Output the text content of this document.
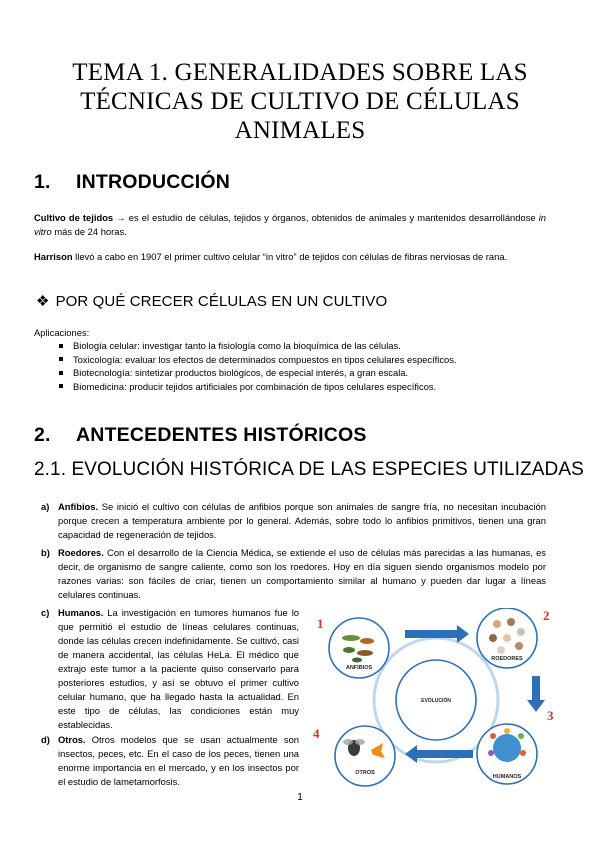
TEMA 1. GENERALIDADES SOBRE LAS
TÉCNICAS DE CULTIVO DE CÉLULAS
ANIMALES
1. INTRODUCCIÓN
Cultivo de tejidos → es el estudio de células, tejidos y órganos, obtenidos de animales y mantenidos desarrollándose in vitro más de 24 horas.
Harrison llevó a cabo en 1907 el primer cultivo celular “in vitro” de tejidos con células de fibras nerviosas de rana.
❖ POR QUÉ CRECER CÉLULAS EN UN CULTIVO
Aplicaciones:
Biología celular: investigar tanto la fisiología como la bioquímica de las células.
Toxicología: evaluar los efectos de determinados compuestos en tipos celulares específicos.
Biotecnología: sintetizar productos biológicos, de especial interés, a gran escala.
Biomedicina: producir tejidos artificiales por combinación de tipos celulares específicos.
2. ANTECEDENTES HISTÓRICOS
2.1. EVOLUCIÓN HISTÓRICA DE LAS ESPECIES UTILIZADAS
a) Anfibios. Se inició el cultivo con células de anfibios porque son animales de sangre fría, no necesitan incubación porque crecen a temperatura ambiente por lo general. Además, sobre todo lo anfibios primitivos, tienen una gran capacidad de regeneración de tejidos.
b) Roedores. Con el desarrollo de la Ciencia Médica, se extiende el uso de células más parecidas a las humanas, es decir, de organismo de sangre caliente, como son los roedores. Hoy en día siguen siendo organismos modelo por razones varias: son fáciles de criar, tienen un comportamiento similar al humano y pueden dar lugar a líneas celulares continuas.
c) Humanos. La investigación en tumores humanos fue lo que permitió el estudio de líneas celulares continuas, donde las células crecen indefinidamente. Se cultivó, casi de manera accidental, las células HeLa. El médico que extrajo este tumor a la paciente quiso conservarlo para posteriores estudios, y así se obtuvo el primer cultivo celular humano, que ha llegado hasta la actualidad. En este tipo de células, las condiciones están muy establecidas.
d) Otros. Otros modelos que se usan actualmente son insectos, peces, etc. En el caso de los peces, tienen una enorme importancia en el mercado, y en los insectos por el estudio de lametamorfosis.
EVOLUCIÓN
ANFIBIOS
1
ROEDORES
2
HUMANOS
3
OTROS
4
1
